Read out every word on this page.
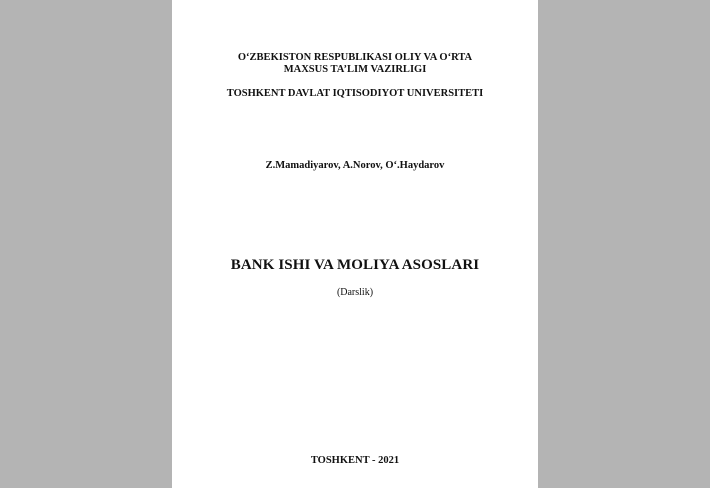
O‘ZBEKISTON RESPUBLIKASI OLIY VA O‘RTA
MAXSUS TA’LIM VAZIRLIGI
TOSHKENT DAVLAT IQTISODIYOT UNIVERSITETI
Z.Mamadiyarov, A.Norov, O‘.Haydarov
BANK ISHI VA MOLIYA ASOSLARI
(Darslik)
TOSHKENT - 2021
